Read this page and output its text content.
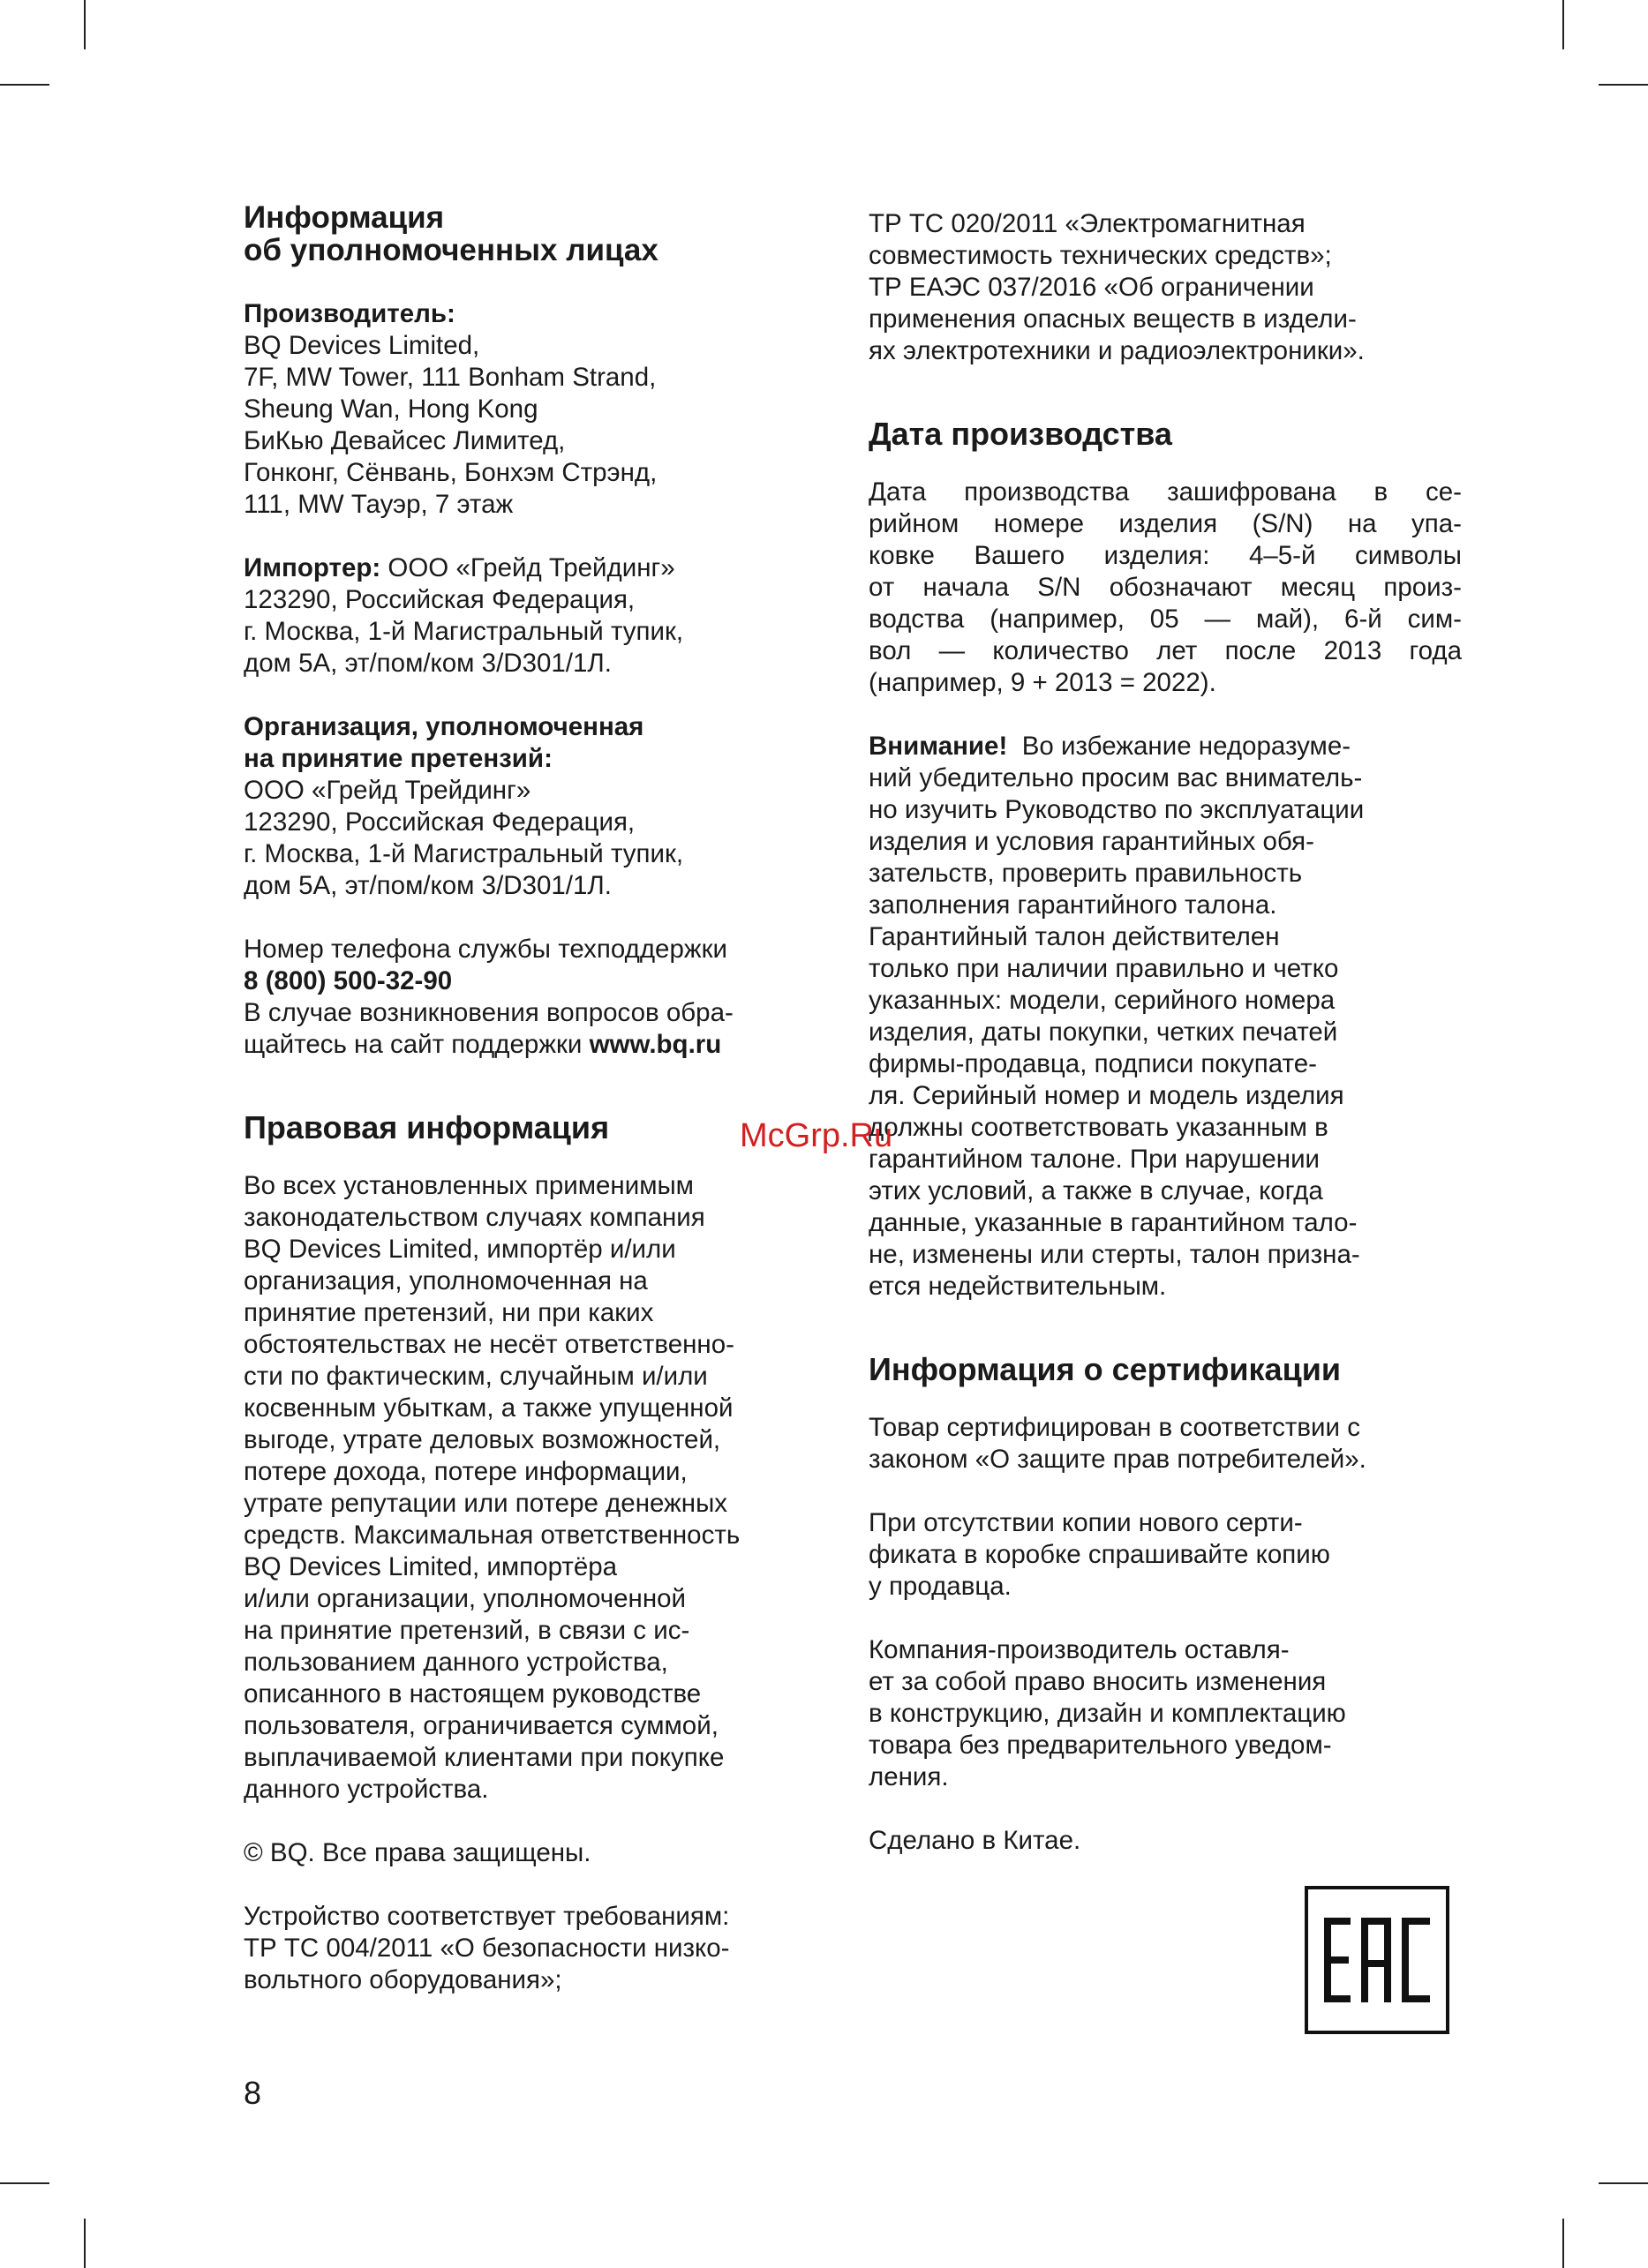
Информация
об уполномоченных лицах
Производитель:
BQ Devices Limited,
7F, MW Tower, 111 Bonham Strand,
Sheung Wan, Hong Kong
БиКью Девайсес Лимитед,
Гонконг, Сёнвань, Бонхэм Стрэнд,
111, MW Тауэр, 7 этаж
Импортер: ООО «Грейд Трейдинг»
123290, Российская Федерация,
г. Москва, 1-й Магистральный тупик,
дом 5А, эт/пом/ком 3/D301/1Л.
Организация, уполномоченная
на принятие претензий:
ООО «Грейд Трейдинг»
123290, Российская Федерация,
г. Москва, 1-й Магистральный тупик,
дом 5А, эт/пом/ком 3/D301/1Л.
Номер телефона службы техподдержки
8 (800) 500-32-90
В случае возникновения вопросов обра-
щайтесь на сайт поддержки www.bq.ru
Правовая информация
Во всех установленных применимым
законодательством случаях компания
BQ Devices Limited, импортёр и/или
организация, уполномоченная на
принятие претензий, ни при каких
обстоятельствах не несёт ответственно-
сти по фактическим, случайным и/или
косвенным убыткам, а также упущенной
выгоде, утрате деловых возможностей,
потере дохода, потере информации,
утрате репутации или потере денежных
средств. Максимальная ответственность
BQ Devices Limited, импортёра
и/или организации, уполномоченной
на принятие претензий, в связи с ис-
пользованием данного устройства,
описанного в настоящем руководстве
пользователя, ограничивается суммой,
выплачиваемой клиентами при покупке
данного устройства.
© BQ. Все права защищены.
Устройство соответствует требованиям:
ТР ТС 004/2011 «О безопасности низко-
вольтного оборудования»;
ТР ТС 020/2011 «Электромагнитная
совместимость технических средств»;
ТР ЕАЭС 037/2016 «Об ограничении
применения опасных веществ в издели-
ях электротехники и радиоэлектроники».
Дата производства
Дата производства зашифрована в се-
рийном номере изделия (S/N) на упа-
ковке Вашего изделия: 4–5-й символы
от начала S/N обозначают месяц произ-
водства (например, 05 — май), 6-й сим-
вол — количество лет после 2013 года
(например, 9 + 2013 = 2022).
Внимание! Во избежание недоразуме-
ний убедительно просим вас вниматель-
но изучить Руководство по эксплуатации
изделия и условия гарантийных обя-
зательств, проверить правильность
заполнения гарантийного талона.
Гарантийный талон действителен
только при наличии правильно и четко
указанных: модели, серийного номера
изделия, даты покупки, четких печатей
фирмы-продавца, подписи покупате-
ля. Серийный номер и модель изделия
должны соответствовать указанным в
гарантийном талоне. При нарушении
этих условий, а также в случае, когда
данные, указанные в гарантийном тало-
не, изменены или стерты, талон призна-
ется недействительным.
Информация о сертификации
Товар сертифицирован в соответствии с
законом «О защите прав потребителей».
При отсутствии копии нового серти-
фиката в коробке спрашивайте копию
у продавца.
Компания-производитель оставля-
ет за собой право вносить изменения
в конструкцию, дизайн и комплектацию
товара без предварительного уведом-
ления.
Сделано в Китае.
McGrp.Ru
8
